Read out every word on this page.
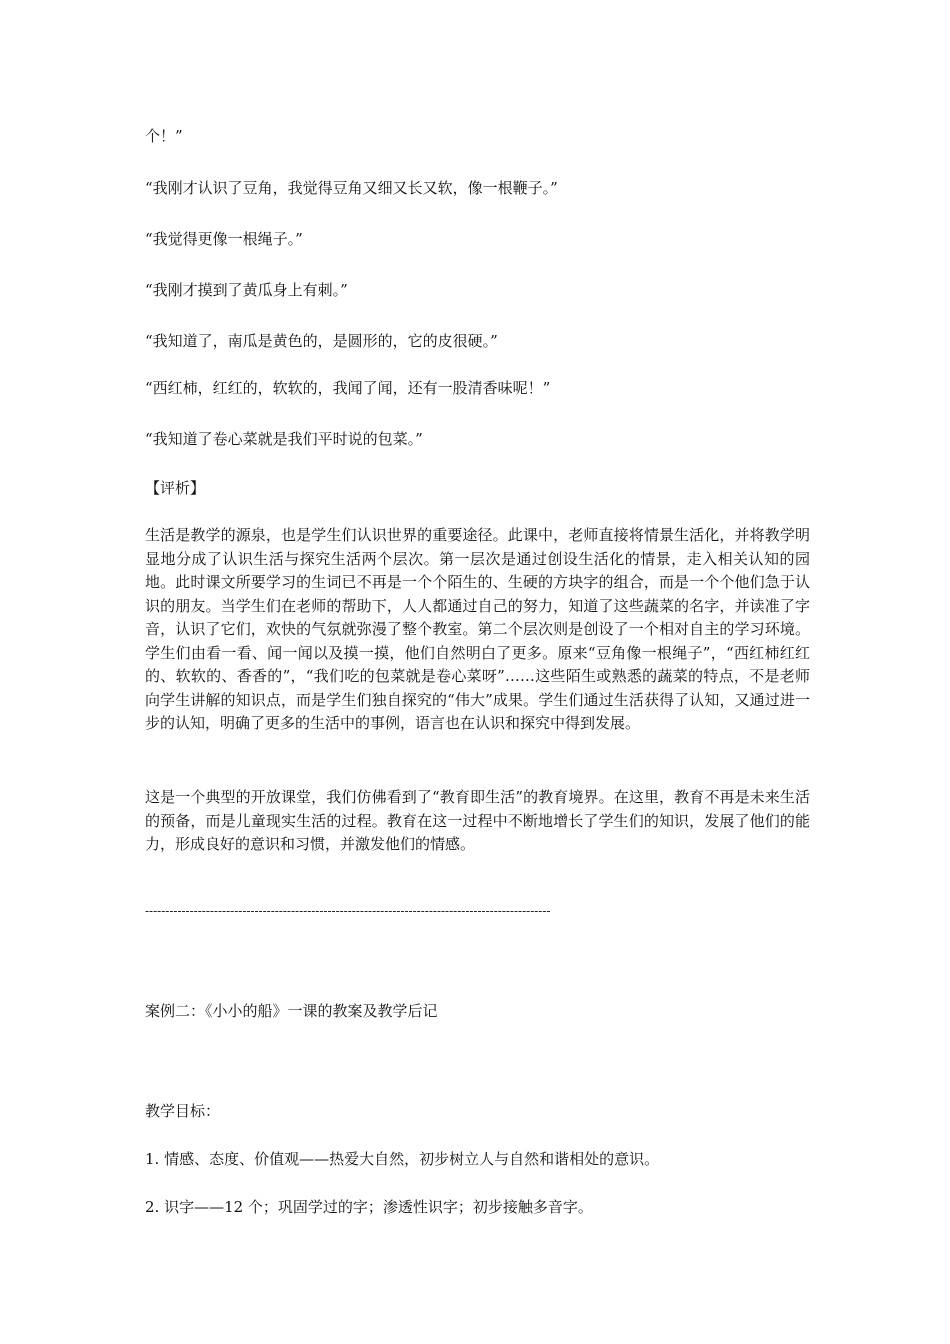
个！”

“我刚才认识了豆角，我觉得豆角又细又长又软，像一根鞭子。”

“我觉得更像一根绳子。”

“我刚才摸到了黄瓜身上有刺。”

“我知道了，南瓜是黄色的，是圆形的，它的皮很硬。”

“西红柿，红红的，软软的，我闻了闻，还有一股清香味呢！”

“我知道了卷心菜就是我们平时说的包菜。”

【评析】

生活是教学的源泉，也是学生们认识世界的重要途径。此课中，老师直接将情景生活化，并将教学明显地分成了认识生活与探究生活两个层次。第一层次是通过创设生活化的情景，走入相关认知的园地。此时课文所要学习的生词已不再是一个个陌生的、生硬的方块字的组合，而是一个个他们急于认识的朋友。当学生们在老师的帮助下，人人都通过自己的努力，知道了这些蔬菜的名字，并读准了字音，认识了它们，欢快的气氛就弥漫了整个教室。第二个层次则是创设了一个相对自主的学习环境。学生们由看一看、闻一闻以及摸一摸，他们自然明白了更多。原来“豆角像一根绳子”，“西红柿红红的、软软的、香香的”，“我们吃的包菜就是卷心菜呀”……这些陌生或熟悉的蔬菜的特点，不是老师向学生讲解的知识点，而是学生们独自探究的“伟大”成果。学生们通过生活获得了认知，又通过进一步的认知，明确了更多的生活中的事例，语言也在认识和探究中得到发展。

这是一个典型的开放课堂，我们仿佛看到了“教育即生活”的教育境界。在这里，教育不再是未来生活的预备，而是儿童现实生活的过程。教育在这一过程中不断地增长了学生们的知识，发展了他们的能力，形成良好的意识和习惯，并激发他们的情感。

----------------------------------------------------------------------------------------------------

案例二：《小小的船》一课的教案及教学后记

教学目标：

1. 情感、态度、价值观——热爱大自然，初步树立人与自然和谐相处的意识。

2. 识字——12 个；巩固学过的字；渗透性识字；初步接触多音字。
